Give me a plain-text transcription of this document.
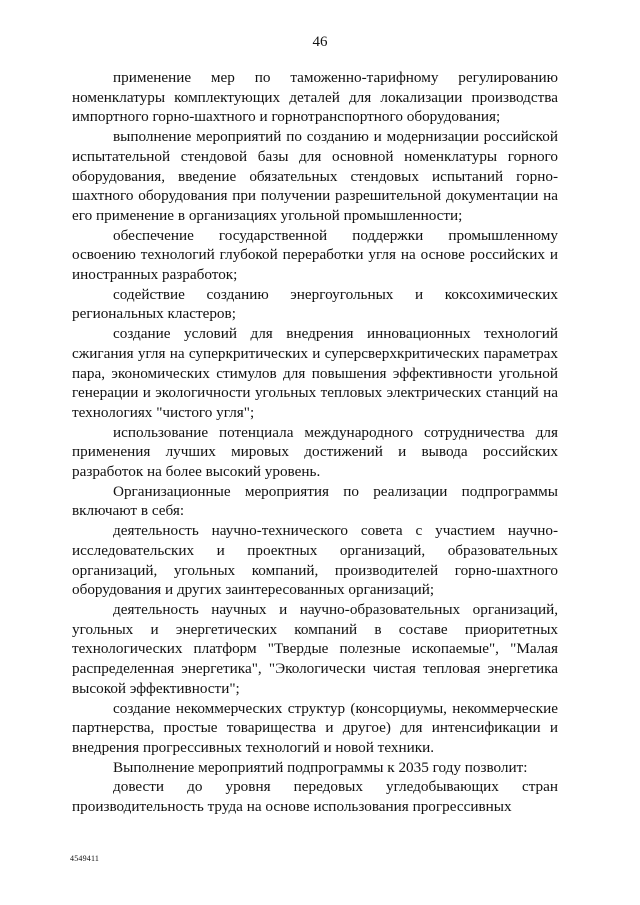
46

применение мер по таможенно-тарифному регулированию номенклатуры комплектующих деталей для локализации производства импортного горно-шахтного и горнотранспортного оборудования;

выполнение мероприятий по созданию и модернизации российской испытательной стендовой базы для основной номенклатуры горного оборудования, введение обязательных стендовых испытаний горно-шахтного оборудования при получении разрешительной документации на его применение в организациях угольной промышленности;

обеспечение государственной поддержки промышленному освоению технологий глубокой переработки угля на основе российских и иностранных разработок;

содействие созданию энергоугольных и коксохимических региональных кластеров;

создание условий для внедрения инновационных технологий сжигания угля на суперкритических и суперсверхкритических параметрах пара, экономических стимулов для повышения эффективности угольной генерации и экологичности угольных тепловых электрических станций на технологиях "чистого угля";

использование потенциала международного сотрудничества для применения лучших мировых достижений и вывода российских разработок на более высокий уровень.

Организационные мероприятия по реализации подпрограммы включают в себя:

деятельность научно-технического совета с участием научно-исследовательских и проектных организаций, образовательных организаций, угольных компаний, производителей горно-шахтного оборудования и других заинтересованных организаций;

деятельность научных и научно-образовательных организаций, угольных и энергетических компаний в составе приоритетных технологических платформ "Твердые полезные ископаемые", "Малая распределенная энергетика", "Экологически чистая тепловая энергетика высокой эффективности";

создание некоммерческих структур (консорциумы, некоммерческие партнерства, простые товарищества и другое) для интенсификации и внедрения прогрессивных технологий и новой техники.

Выполнение мероприятий подпрограммы к 2035 году позволит:

довести до уровня передовых угледобывающих стран производительность труда на основе использования прогрессивных

4549411
